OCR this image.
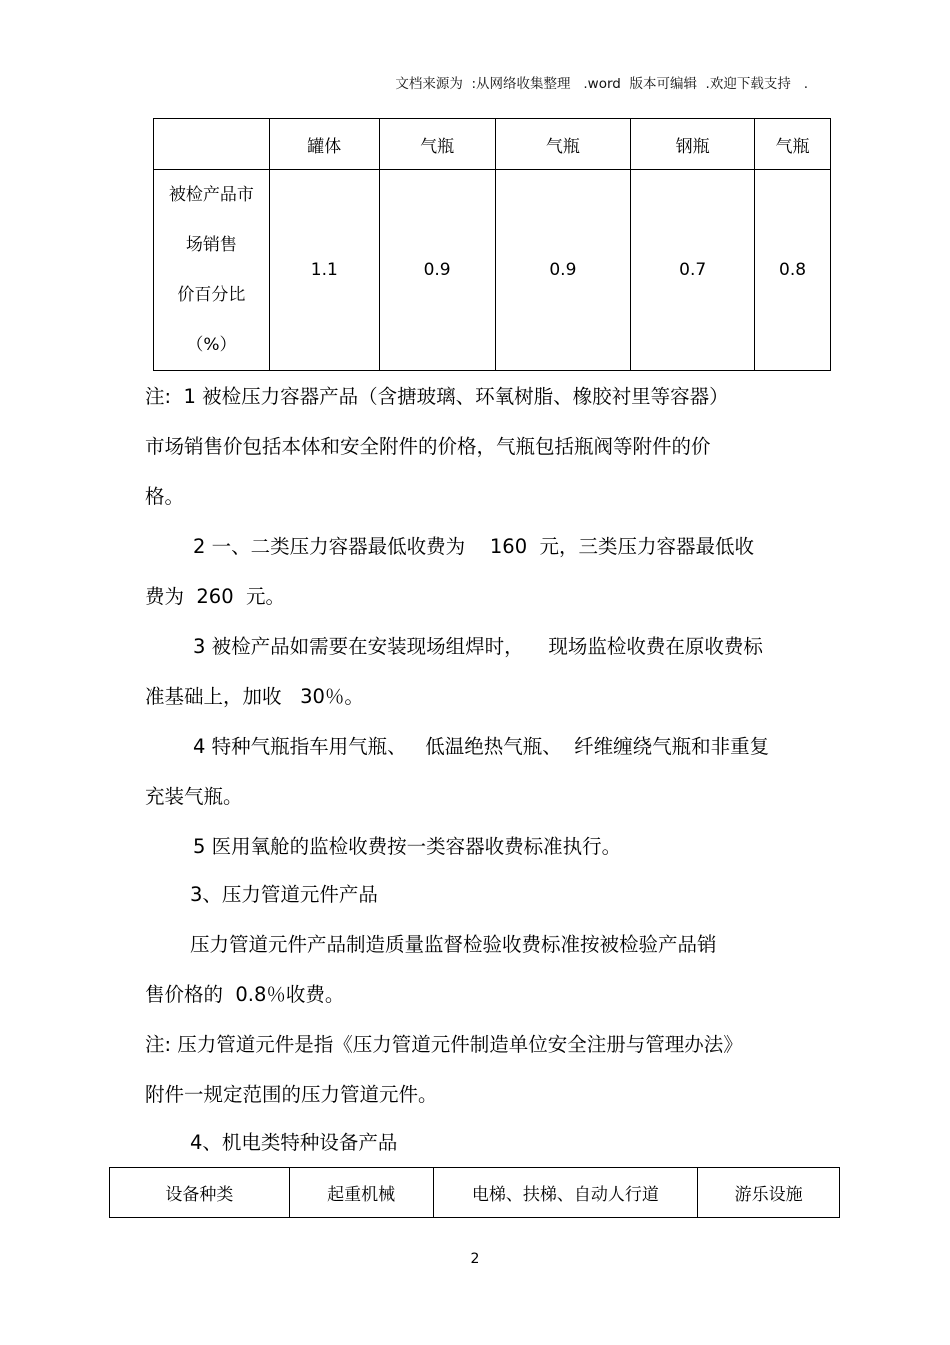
文档来源为  :从网络收集整理   .word  版本可编辑  .欢迎下载支持   .
	罐体	气瓶	气瓶	钢瓶	气瓶

被检产品市
场销售
价百分比
（%）	1.1	0.9	0.9	0.7	0.8
注:  1 被检压力容器产品（含搪玻璃、环氧树脂、橡胶衬里等容器）
市场销售价包括本体和安全附件的价格，气瓶包括瓶阀等附件的价
格。
2 一、二类压力容器最低收费为    160  元，三类压力容器最低收
费为  260  元。
3 被检产品如需要在安装现场组焊时，    现场监检收费在原收费标
准基础上，加收   30％。
4 特种气瓶指车用气瓶、   低温绝热气瓶、  纤维缠绕气瓶和非重复
充装气瓶。
5 医用氧舱的监检收费按一类容器收费标准执行。
3、压力管道元件产品
压力管道元件产品制造质量监督检验收费标准按被检验产品销
售价格的  0.8％收费。
注: 压力管道元件是指《压力管道元件制造单位安全注册与管理办法》
附件一规定范围的压力管道元件。
4、机电类特种设备产品
设备种类	起重机械	电梯、扶梯、自动人行道	游乐设施
2
